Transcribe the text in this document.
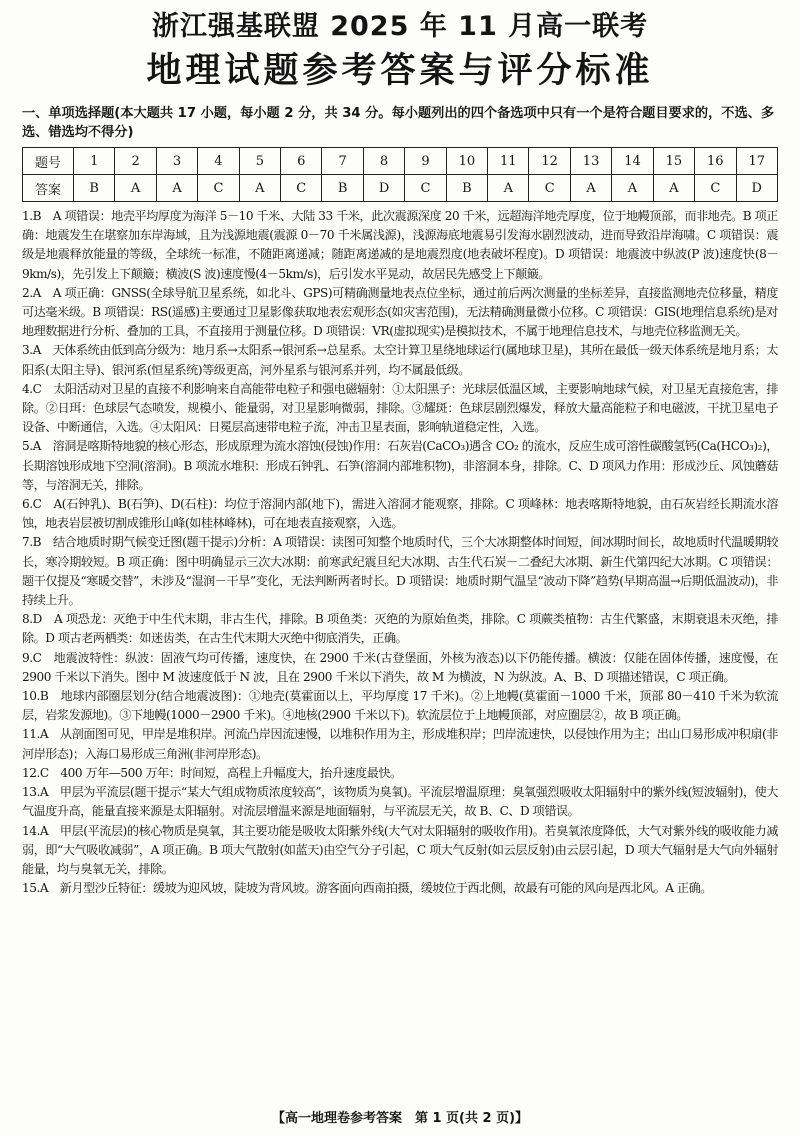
浙江强基联盟 2025 年 11 月高一联考
地理试题参考答案与评分标准
一、单项选择题(本大题共 17 小题，每小题 2 分，共 34 分。每小题列出的四个备选项中只有一个是符合题目要求的，不选、多选、错选均不得分)
题号	1	2	3	4	5	6	7	8	9	10	11	12	13	14	15	16	17
答案	B	A	A	C	A	C	B	D	C	B	A	C	A	A	A	C	D

1.B　 A 项错误：地壳平均厚度为海洋 5－10 千米、大陆 33 千米，此次震源深度 20 千米，远超海洋地壳厚度，位于地幔顶部，而非地壳。B 项正确：地震发生在堪察加东岸海域，且为浅源地震(震源 0－70 千米属浅源)，浅源海底地震易引发海水剧烈波动，进而导致沿岸海啸。C 项错误：震级是地震释放能量的等级，全球统一标准，不随距离递减；随距离递减的是地震烈度(地表破坏程度)。D 项错误：地震波中纵波(P 波)速度快(8－9km/s)，先引发上下颠簸；横波(S 波)速度慢(4－5km/s)，后引发水平晃动，故居民先感受上下颠簸。

2.A　 A 项正确：GNSS(全球导航卫星系统，如北斗、GPS)可精确测量地表点位坐标，通过前后两次测量的坐标差异，直接监测地壳位移量，精度可达毫米级。B 项错误：RS(遥感)主要通过卫星影像获取地表宏观形态(如灾害范围)，无法精确测量微小位移。C 项错误：GIS(地理信息系统)是对地理数据进行分析、叠加的工具，不直接用于测量位移。D 项错误：VR(虚拟现实)是模拟技术，不属于地理信息技术，与地壳位移监测无关。

3.A　 天体系统由低到高分级为：地月系→太阳系→银河系→总星系。太空计算卫星绕地球运行(属地球卫星)，其所在最低一级天体系统是地月系；太阳系(太阳主导)、银河系(恒星系统)等级更高，河外星系与银河系并列，均不属最低级。

4.C　 太阳活动对卫星的直接不利影响来自高能带电粒子和强电磁辐射：①太阳黑子：光球层低温区域，主要影响地球气候，对卫星无直接危害，排除。②日珥：色球层气态喷发，规模小、能量弱，对卫星影响微弱，排除。③耀斑：色球层剧烈爆发，释放大量高能粒子和电磁波，干扰卫星电子设备、中断通信，入选。④太阳风：日冕层高速带电粒子流，冲击卫星表面，影响轨道稳定性，入选。

5.A　 溶洞是喀斯特地貌的核心形态，形成原理为流水溶蚀(侵蚀)作用：石灰岩(CaCO₃)遇含 CO₂ 的流水，反应生成可溶性碳酸氢钙(Ca(HCO₃)₂)，长期溶蚀形成地下空洞(溶洞)。B 项流水堆积：形成石钟乳、石笋(溶洞内部堆积物)，非溶洞本身，排除。C、D 项风力作用：形成沙丘、风蚀蘑菇等，与溶洞无关，排除。

6.C　 A(石钟乳)、B(石笋)、D(石柱)：均位于溶洞内部(地下)，需进入溶洞才能观察，排除。C 项峰林：地表喀斯特地貌，由石灰岩经长期流水溶蚀，地表岩层被切割成锥形山峰(如桂林峰林)，可在地表直接观察，入选。

7.B　 结合地质时期气候变迁图(题干提示)分析：A 项错误：读图可知整个地质时代，三个大冰期整体时间短，间冰期时间长，故地质时代温暖期较长，寒冷期较短。B 项正确：图中明确显示三次大冰期：前寒武纪震旦纪大冰期、古生代石炭－二叠纪大冰期、新生代第四纪大冰期。C 项错误：题干仅提及“寒暖交替”，未涉及“湿润－干旱”变化，无法判断两者时长。D 项错误：地质时期气温呈“波动下降”趋势(早期高温→后期低温波动)，非持续上升。

8.D　 A 项恐龙：灭绝于中生代末期，非古生代，排除。B 项鱼类：灭绝的为原始鱼类，排除。C 项蕨类植物：古生代繁盛，末期衰退未灭绝，排除。D 项古老两栖类：如迷齿类，在古生代末期大灭绝中彻底消失，正确。

9.C　 地震波特性：纵波：固液气均可传播，速度快，在 2900 千米(古登堡面，外核为液态)以下仍能传播。横波：仅能在固体传播，速度慢，在 2900 千米以下消失。图中 M 波速度低于 N 波，且在 2900 千米以下消失，故 M 为横波，N 为纵波。A、B、D 项描述错误，C 项正确。

10.B　 地球内部圈层划分(结合地震波图)：①地壳(莫霍面以上，平均厚度 17 千米)。②上地幔(莫霍面－1000 千米，顶部 80－410 千米为软流层，岩浆发源地)。③下地幔(1000－2900 千米)。④地核(2900 千米以下)。软流层位于上地幔顶部，对应圈层②，故 B 项正确。

11.A　 从剖面图可见，甲岸是堆积岸。河流凸岸因流速慢，以堆积作用为主，形成堆积岸；凹岸流速快，以侵蚀作用为主；出山口易形成冲积扇(非河岸形态)；入海口易形成三角洲(非河岸形态)。

12.C　 400 万年—500 万年：时间短，高程上升幅度大，抬升速度最快。

13.A　 甲层为平流层(题干提示“某大气组成物质浓度较高”，该物质为臭氧)。平流层增温原理：臭氧强烈吸收太阳辐射中的紫外线(短波辐射)，使大气温度升高，能量直接来源是太阳辐射。对流层增温来源是地面辐射，与平流层无关，故 B、C、D 项错误。

14.A　 甲层(平流层)的核心物质是臭氧，其主要功能是吸收太阳紫外线(大气对太阳辐射的吸收作用)。若臭氧浓度降低，大气对紫外线的吸收能力减弱，即“大气吸收减弱”，A 项正确。B 项大气散射(如蓝天)由空气分子引起，C 项大气反射(如云层反射)由云层引起，D 项大气辐射是大气向外辐射能量，均与臭氧无关，排除。

15.A　 新月型沙丘特征：缓坡为迎风坡，陡坡为背风坡。游客面向西南拍摄，缓坡位于西北侧，故最有可能的风向是西北风。A 正确。

【高一地理卷参考答案　第 1 页(共 2 页)】
